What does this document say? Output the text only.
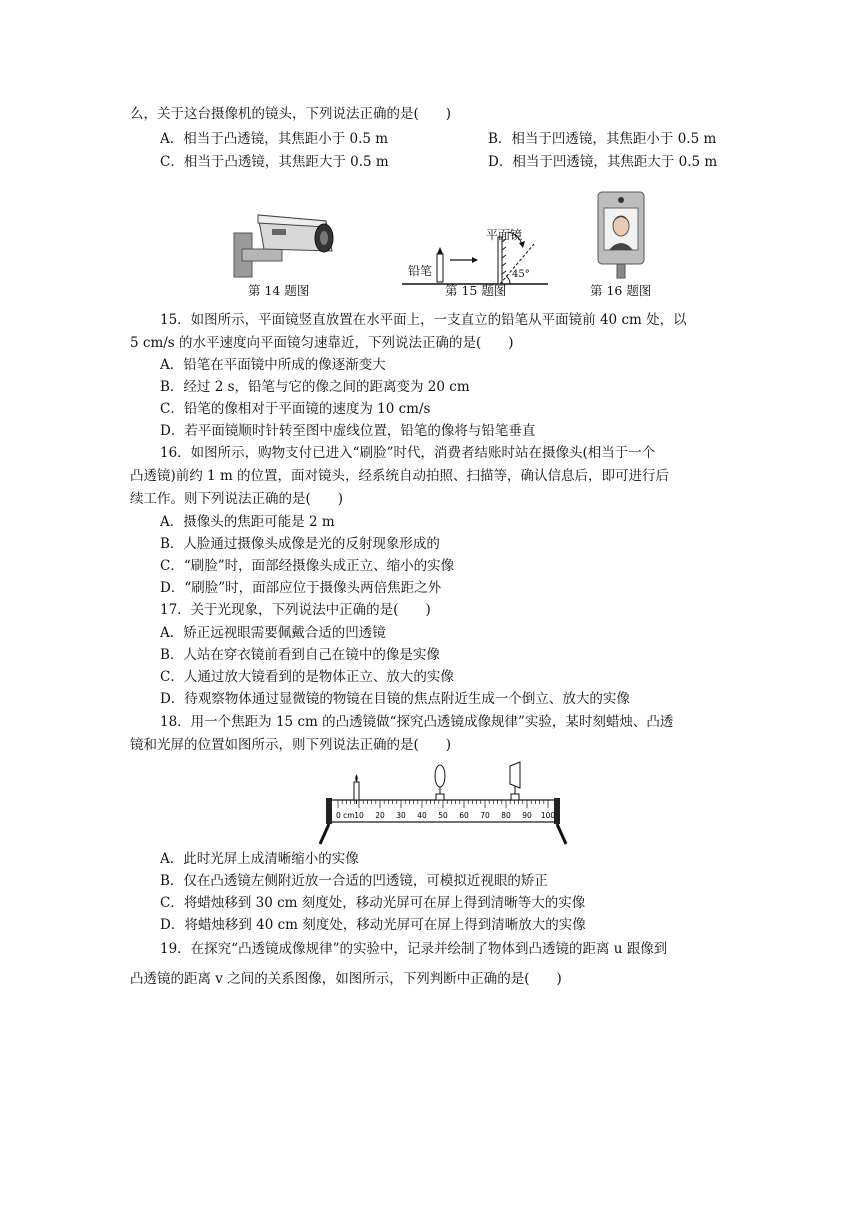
么，关于这台摄像机的镜头，下列说法正确的是(　　)
A．相当于凸透镜，其焦距小于 0.5 m	B．相当于凹透镜，其焦距小于 0.5 m
C．相当于凸透镜，其焦距大于 0.5 m	D．相当于凹透镜，其焦距大于 0.5 m
第 14 题图
平面镜
铅笔	45°
第 15 题图	第 16 题图
15．如图所示，平面镜竖直放置在水平面上，一支直立的铅笔从平面镜前 40 cm 处，以
5 cm/s 的水平速度向平面镜匀速靠近，下列说法正确的是(　　)
A．铅笔在平面镜中所成的像逐渐变大
B．经过 2 s，铅笔与它的像之间的距离变为 20 cm
C．铅笔的像相对于平面镜的速度为 10 cm/s
D．若平面镜顺时针转至图中虚线位置，铅笔的像将与铅笔垂直
16．如图所示，购物支付已进入“刷脸”时代，消费者结账时站在摄像头(相当于一个
凸透镜)前约 1 m 的位置，面对镜头，经系统自动拍照、扫描等，确认信息后，即可进行后
续工作。则下列说法正确的是(　　)
A．摄像头的焦距可能是 2 m
B．人脸通过摄像头成像是光的反射现象形成的
C．“刷脸”时，面部经摄像头成正立、缩小的实像
D．“刷脸”时，面部应位于摄像头两倍焦距之外
17．关于光现象，下列说法中正确的是(　　)
A．矫正远视眼需要佩戴合适的凹透镜
B．人站在穿衣镜前看到自己在镜中的像是实像
C．人通过放大镜看到的是物体正立、放大的实像
D．待观察物体通过显微镜的物镜在目镜的焦点附近生成一个倒立、放大的实像
18．用一个焦距为 15 cm 的凸透镜做“探究凸透镜成像规律”实验，某时刻蜡烛、凸透
镜和光屏的位置如图所示，则下列说法正确的是(　　)
0 cm 10 20 30 40 50 60 70 80 90 100
A．此时光屏上成清晰缩小的实像
B．仅在凸透镜左侧附近放一合适的凹透镜，可模拟近视眼的矫正
C．将蜡烛移到 30 cm 刻度处，移动光屏可在屏上得到清晰等大的实像
D．将蜡烛移到 40 cm 刻度处，移动光屏可在屏上得到清晰放大的实像
19．在探究“凸透镜成像规律”的实验中，记录并绘制了物体到凸透镜的距离 u 跟像到
凸透镜的距离 v 之间的关系图像，如图所示，下列判断中正确的是(　　)
